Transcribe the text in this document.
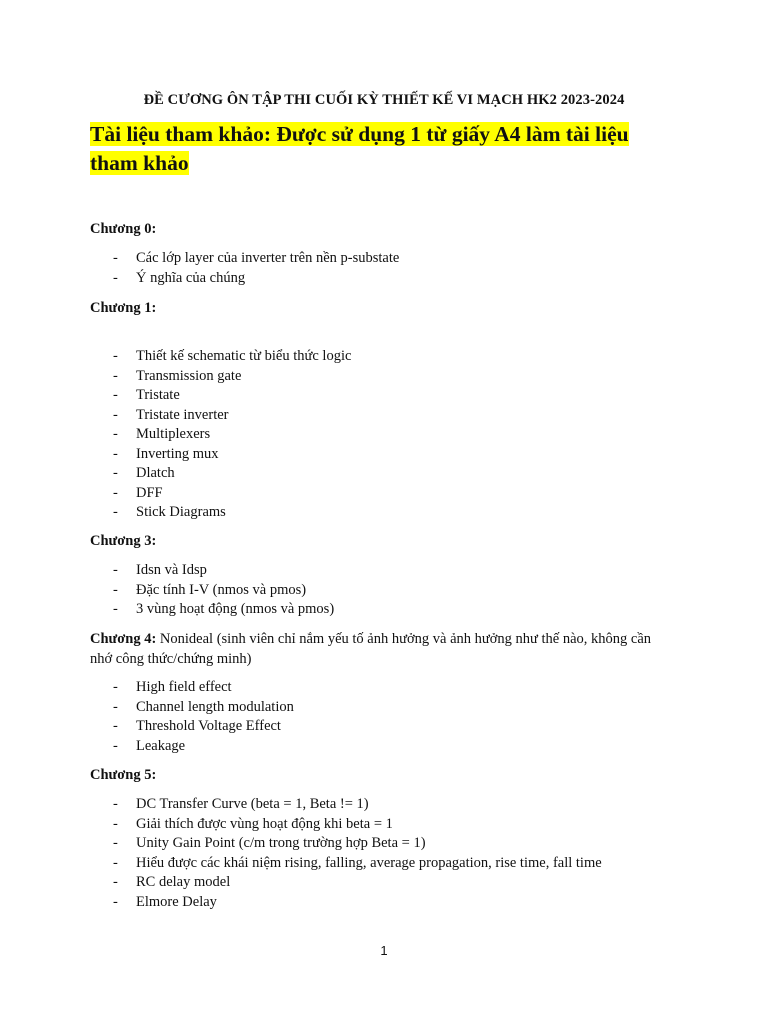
ĐỀ CƯƠNG ÔN TẬP THI CUỐI KỲ THIẾT KẾ VI MẠCH HK2 2023-2024
Tài liệu tham khảo: Được sử dụng 1 từ giấy A4 làm tài liệu
tham khảo
Chương 0:
- Các lớp layer của inverter trên nền p-substate
- Ý nghĩa của chúng
Chương 1:
- Thiết kế schematic từ biểu thức logic
- Transmission gate
- Tristate
- Tristate inverter
- Multiplexers
- Inverting mux
- Dlatch
- DFF
- Stick Diagrams
Chương 3:
- Idsn và Idsp
- Đặc tính I-V (nmos và pmos)
- 3 vùng hoạt động (nmos và pmos)
Chương 4: Nonideal (sinh viên chỉ nắm yếu tố ảnh hưởng và ảnh hưởng như thế nào, không cần
nhớ công thức/chứng minh)
- High field effect
- Channel length modulation
- Threshold Voltage Effect
- Leakage
Chương 5:
- DC Transfer Curve (beta = 1, Beta != 1)
- Giải thích được vùng hoạt động khi beta = 1
- Unity Gain Point (c/m trong trường hợp Beta = 1)
- Hiểu được các khái niệm rising, falling, average propagation, rise time, fall time
- RC delay model
- Elmore Delay
1
